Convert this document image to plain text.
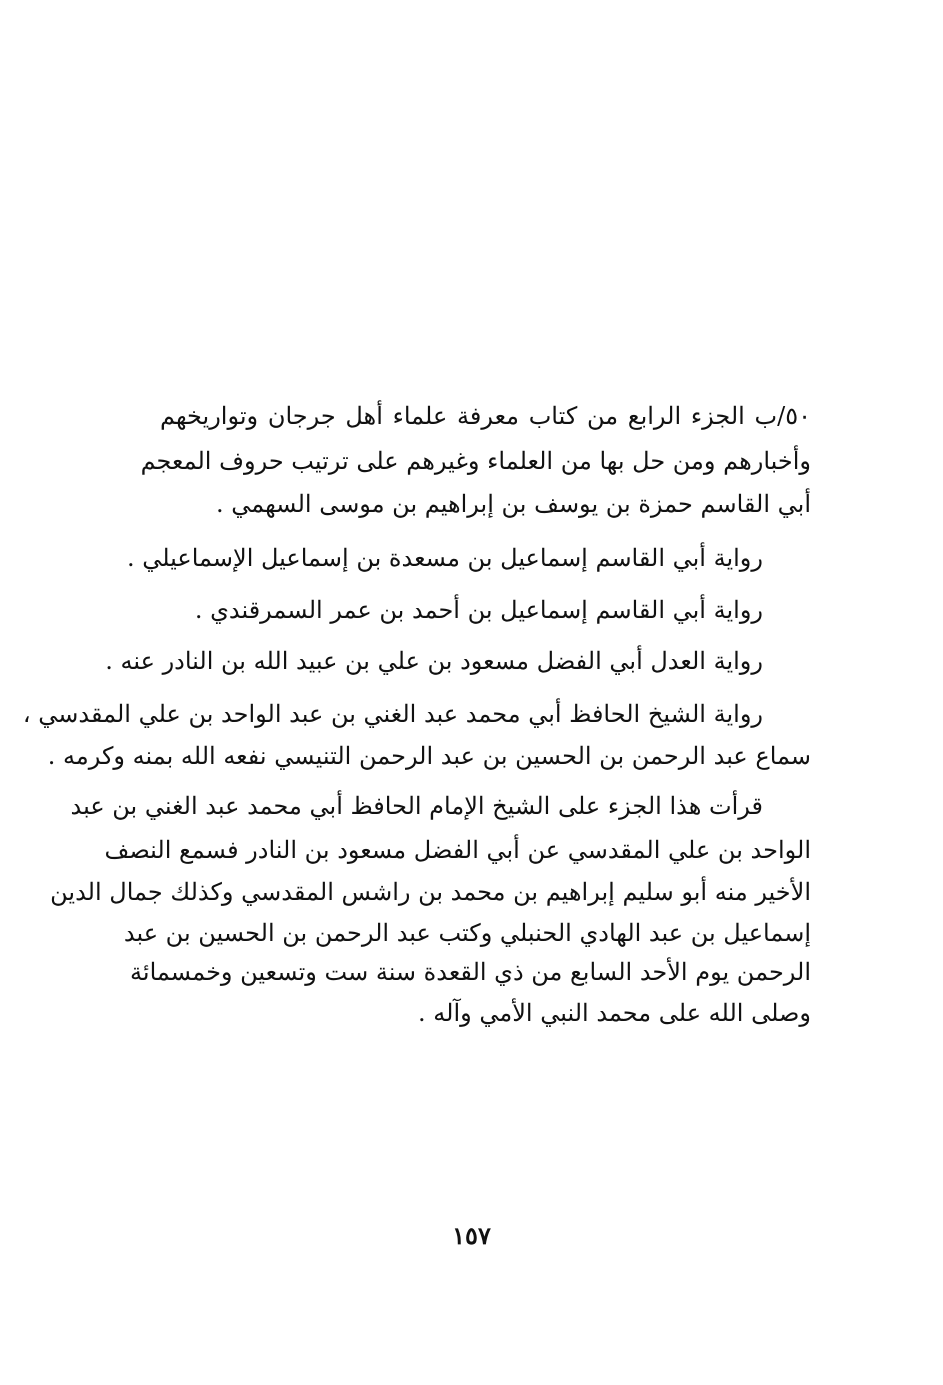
٥٠/ب الجزء الرابع من كتاب معرفة علماء أهل جرجان وتواريخهم
وأخبارهم ومن حل بها من العلماء وغيرهم على ترتيب حروف المعجم
أبي القاسم حمزة بن يوسف بن إبراهيم بن موسى السهمي .
رواية أبي القاسم إسماعيل بن مسعدة بن إسماعيل الإسماعيلي .
رواية أبي القاسم إسماعيل بن أحمد بن عمر السمرقندي .
رواية العدل أبي الفضل مسعود بن علي بن عبيد الله بن النادر عنه .
رواية الشيخ الحافظ أبي محمد عبد الغني بن عبد الواحد بن علي المقدسي ،
سماع عبد الرحمن بن الحسين بن عبد الرحمن التنيسي نفعه الله بمنه وكرمه .
قرأت هذا الجزء على الشيخ الإمام الحافظ أبي محمد عبد الغني بن عبد
الواحد بن علي المقدسي عن أبي الفضل مسعود بن النادر فسمع النصف
الأخير منه أبو سليم إبراهيم بن محمد بن راشس المقدسي وكذلك جمال الدين
إسماعيل بن عبد الهادي الحنبلي وكتب عبد الرحمن بن الحسين بن عبد
الرحمن يوم الأحد السابع من ذي القعدة سنة ست وتسعين وخمسمائة
وصلى الله على محمد النبي الأمي وآله .
١٥٧
